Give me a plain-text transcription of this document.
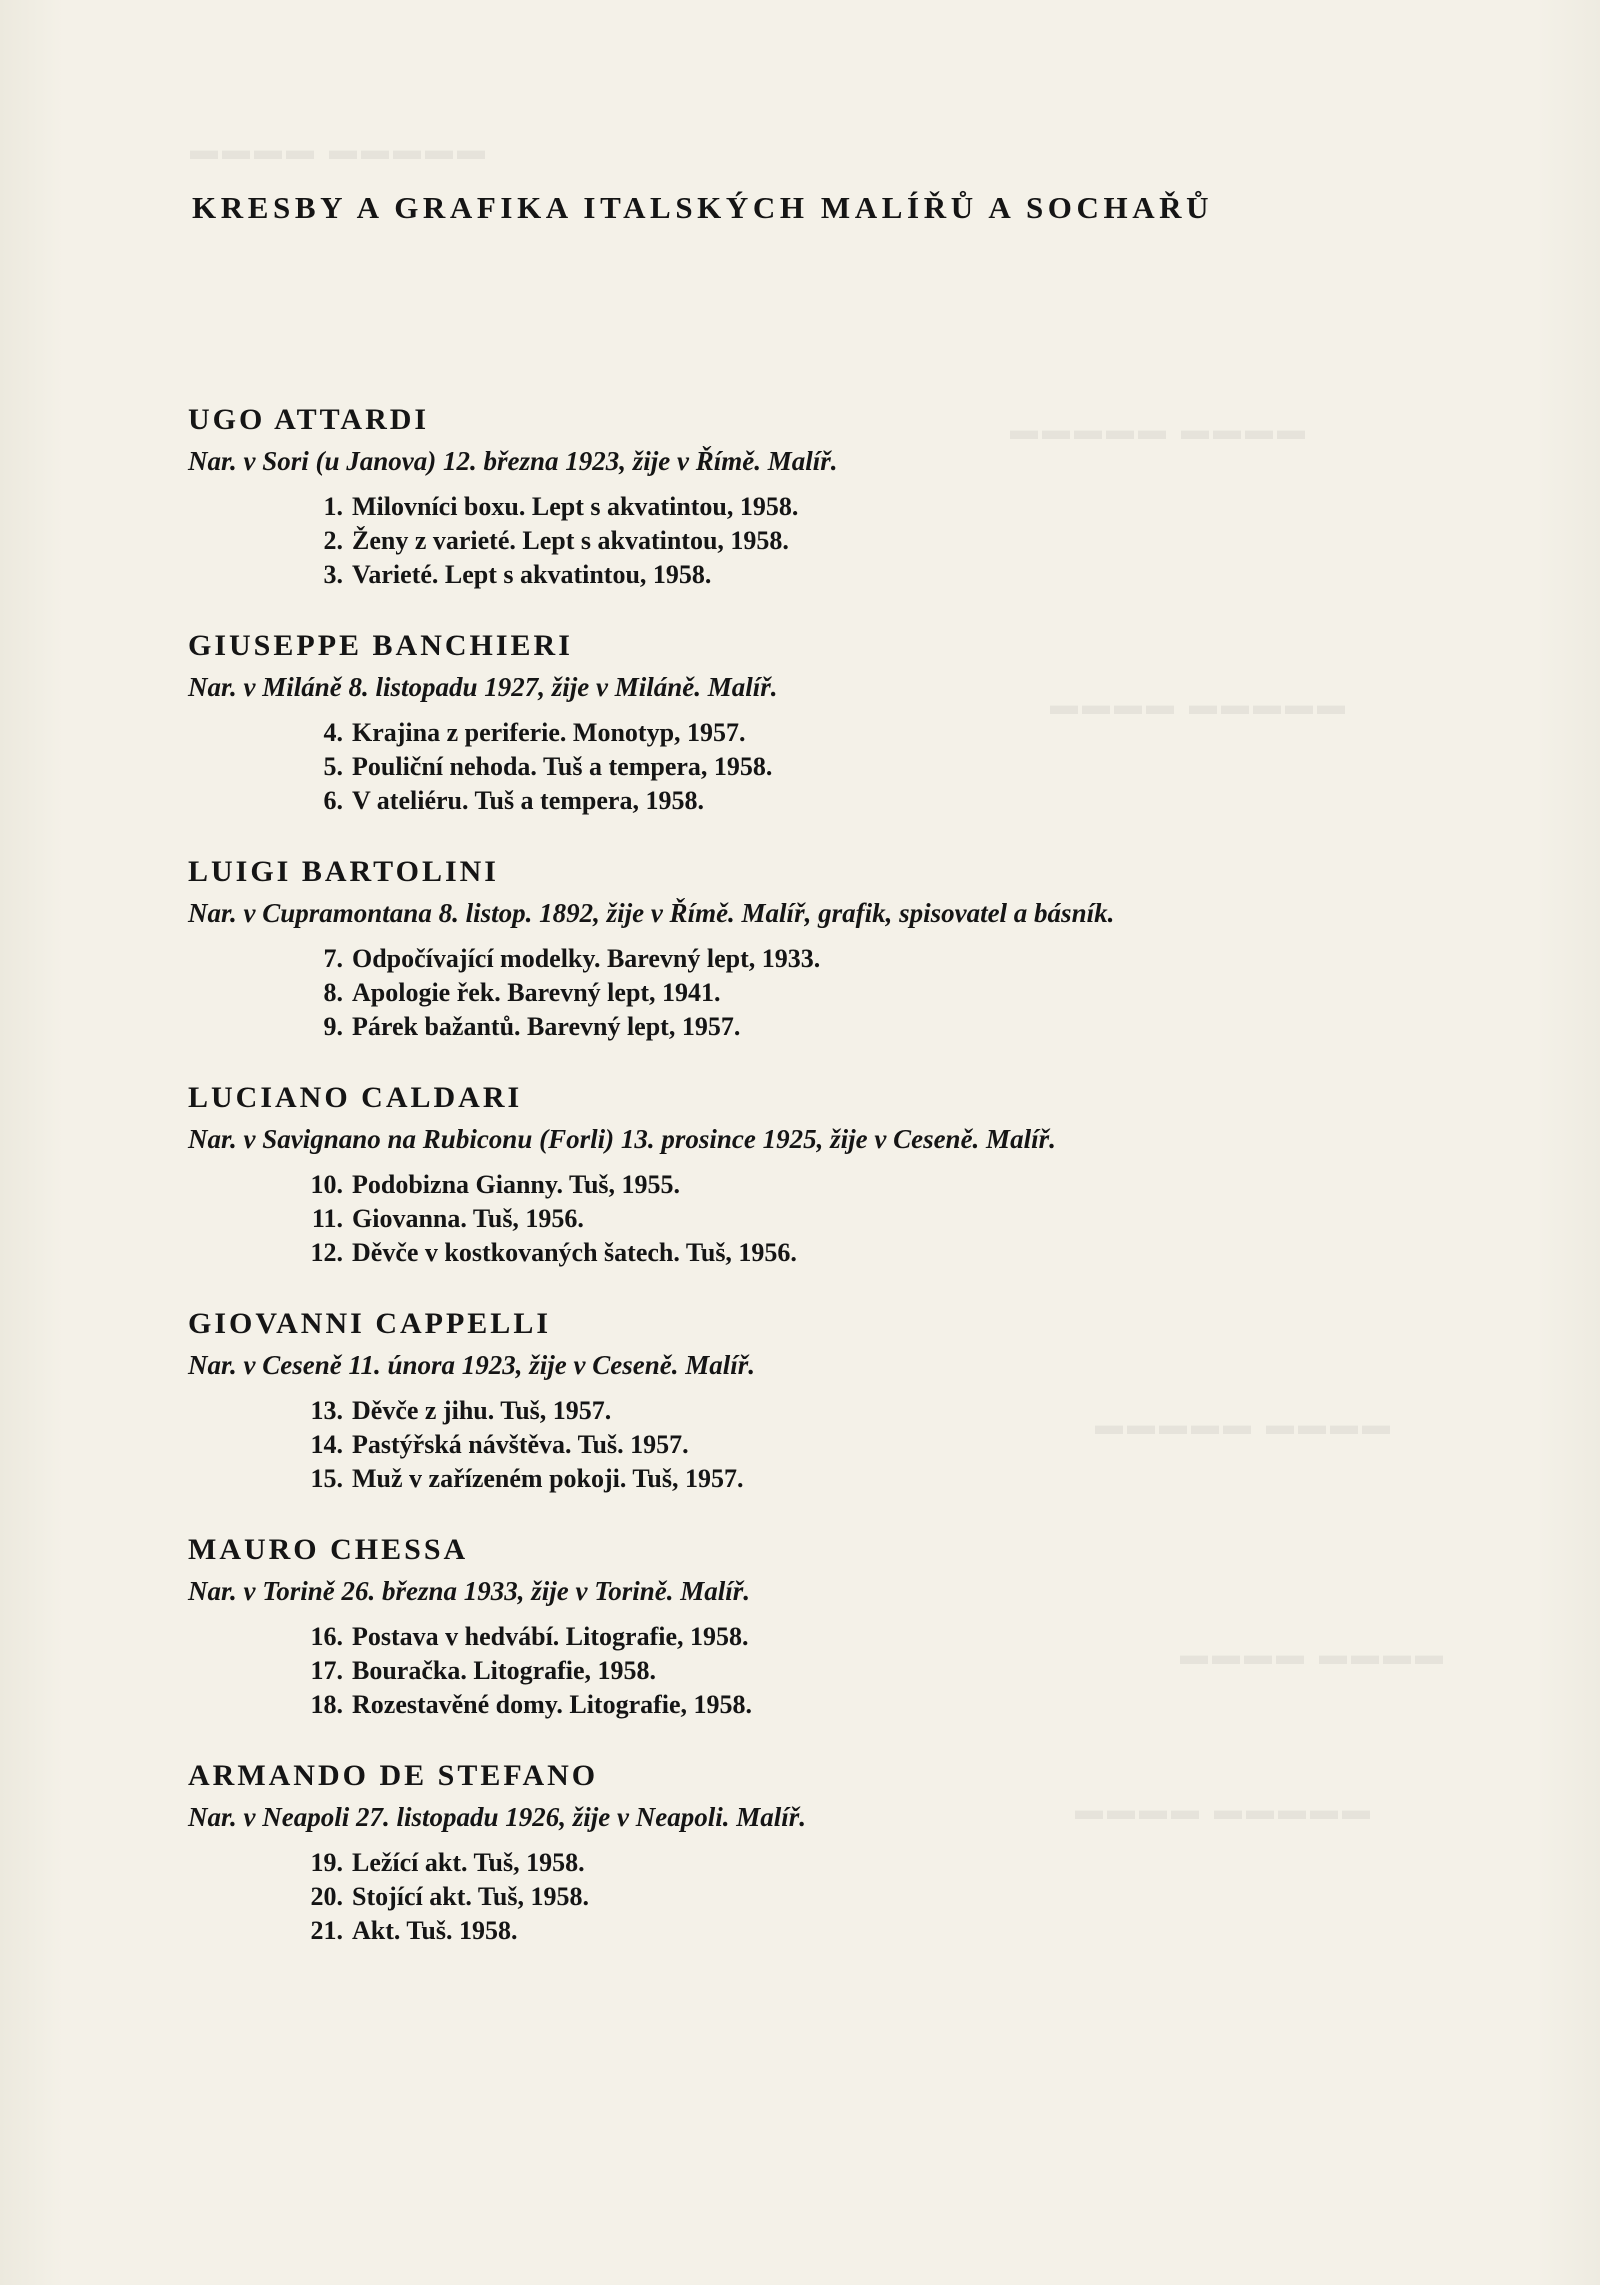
▬▬▬▬ ▬▬▬▬▬
▬▬▬▬▬ ▬▬▬▬
▬▬▬▬ ▬▬▬▬▬
▬▬▬▬▬ ▬▬▬▬
▬▬▬▬ ▬▬▬▬
▬▬▬▬ ▬▬▬▬▬
KRESBY A GRAFIKA ITALSKÝCH MALÍŘŮ A SOCHAŘŮ
UGO ATTARDI
Nar. v Sori (u Janova) 12. března 1923, žije v Římě. Malíř.
1. Milovníci boxu. Lept s akvatintou, 1958.
2. Ženy z varieté. Lept s akvatintou, 1958.
3. Varieté. Lept s akvatintou, 1958.
GIUSEPPE BANCHIERI
Nar. v Miláně 8. listopadu 1927, žije v Miláně. Malíř.
4. Krajina z periferie. Monotyp, 1957.
5. Pouliční nehoda. Tuš a tempera, 1958.
6. V ateliéru. Tuš a tempera, 1958.
LUIGI BARTOLINI
Nar. v Cupramontana 8. listop. 1892, žije v Římě. Malíř, grafik, spisovatel a básník.
7. Odpočívající modelky. Barevný lept, 1933.
8. Apologie řek. Barevný lept, 1941.
9. Párek bažantů. Barevný lept, 1957.
LUCIANO CALDARI
Nar. v Savignano na Rubiconu (Forli) 13. prosince 1925, žije v Ceseně. Malíř.
10. Podobizna Gianny. Tuš, 1955.
11. Giovanna. Tuš, 1956.
12. Děvče v kostkovaných šatech. Tuš, 1956.
GIOVANNI CAPPELLI
Nar. v Ceseně 11. února 1923, žije v Ceseně. Malíř.
13. Děvče z jihu. Tuš, 1957.
14. Pastýřská návštěva. Tuš. 1957.
15. Muž v zařízeném pokoji. Tuš, 1957.
MAURO CHESSA
Nar. v Torině 26. března 1933, žije v Torině. Malíř.
16. Postava v hedvábí. Litografie, 1958.
17. Bouračka. Litografie, 1958.
18. Rozestavěné domy. Litografie, 1958.
ARMANDO DE STEFANO
Nar. v Neapoli 27. listopadu 1926, žije v Neapoli. Malíř.
19. Ležící akt. Tuš, 1958.
20. Stojící akt. Tuš, 1958.
21. Akt. Tuš. 1958.
